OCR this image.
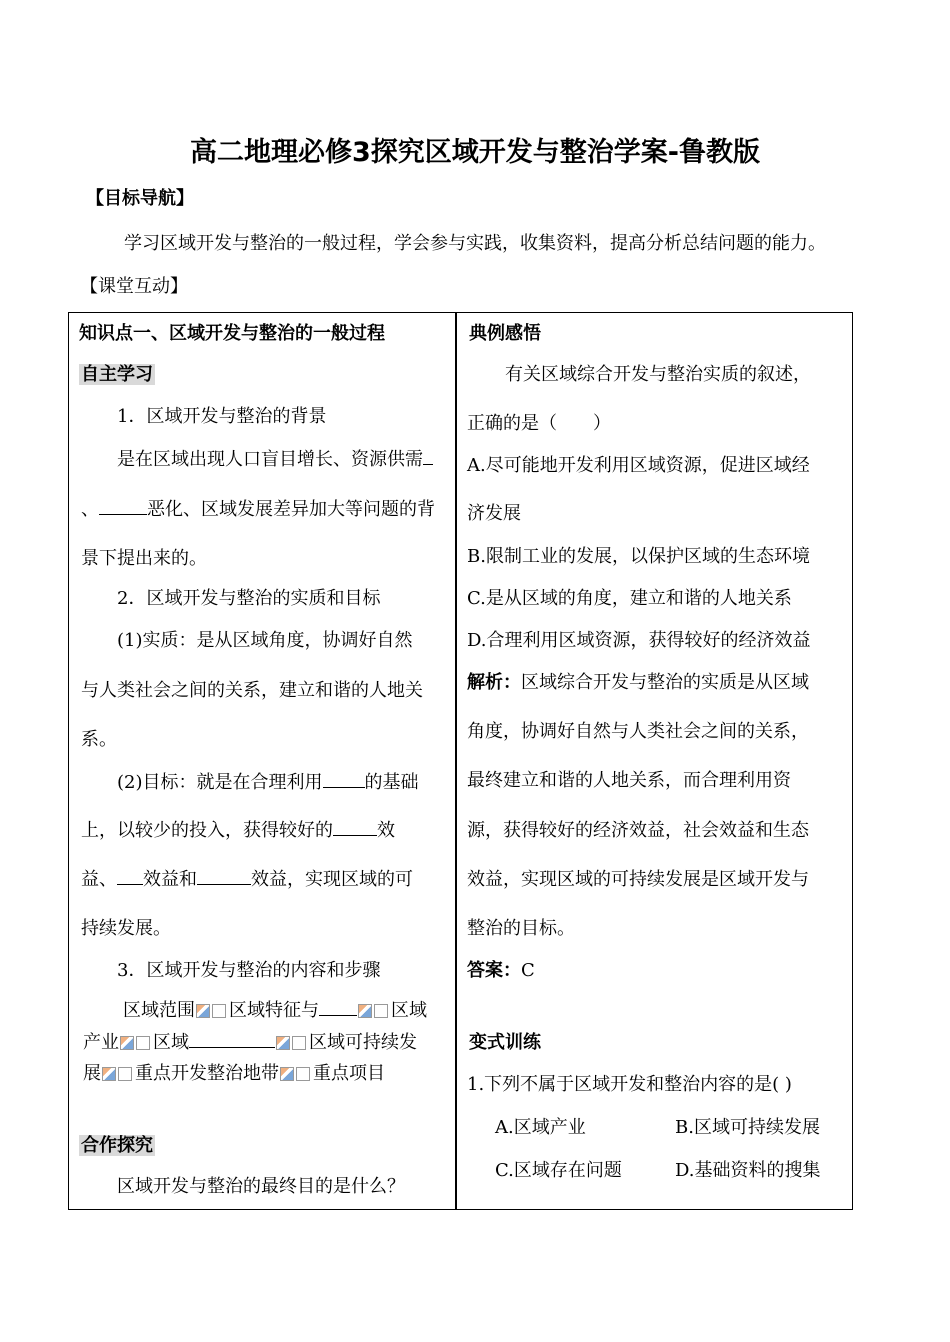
高二地理必修3探究区域开发与整治学案-鲁教版
【目标导航】
学习区域开发与整治的一般过程，学会参与实践，收集资料，提高分析总结问题的能力。
【课堂互动】
知识点一、区域开发与整治的一般过程
自主学习
1．区域开发与整治的背景
是在区域出现人口盲目增长、资源供需
、	恶化、区域发展差异加大等问题的背
景下提出来的。
2．区域开发与整治的实质和目标
(1)实质：是从区域角度，协调好自然
与人类社会之间的关系，建立和谐的人地关
系。
(2)目标：就是在合理利用 的基础
上，以较少的投入，获得较好的 效
益、 效益和	效益，实现区域的可
持续发展。
3．区域开发与整治的内容和步骤
区域范围 区域特征与	区域
产业 区域	区域可持续发
展 重点开发整治地带 重点项目
合作探究
区域开发与整治的最终目的是什么？
典例感悟
有关区域综合开发与整治实质的叙述，
正确的是（　　）
A.尽可能地开发利用区域资源，促进区域经
济发展
B.限制工业的发展，以保护区域的生态环境
C.是从区域的角度，建立和谐的人地关系
D.合理利用区域资源，获得较好的经济效益
解析：区域综合开发与整治的实质是从区域
角度，协调好自然与人类社会之间的关系，
最终建立和谐的人地关系，而合理利用资
源，获得较好的经济效益，社会效益和生态
效益，实现区域的可持续发展是区域开发与
整治的目标。
答案：C
变式训练
1.下列不属于区域开发和整治内容的是( )
A.区域产业	B.区域可持续发展
C.区域存在问题	D.基础资料的搜集
